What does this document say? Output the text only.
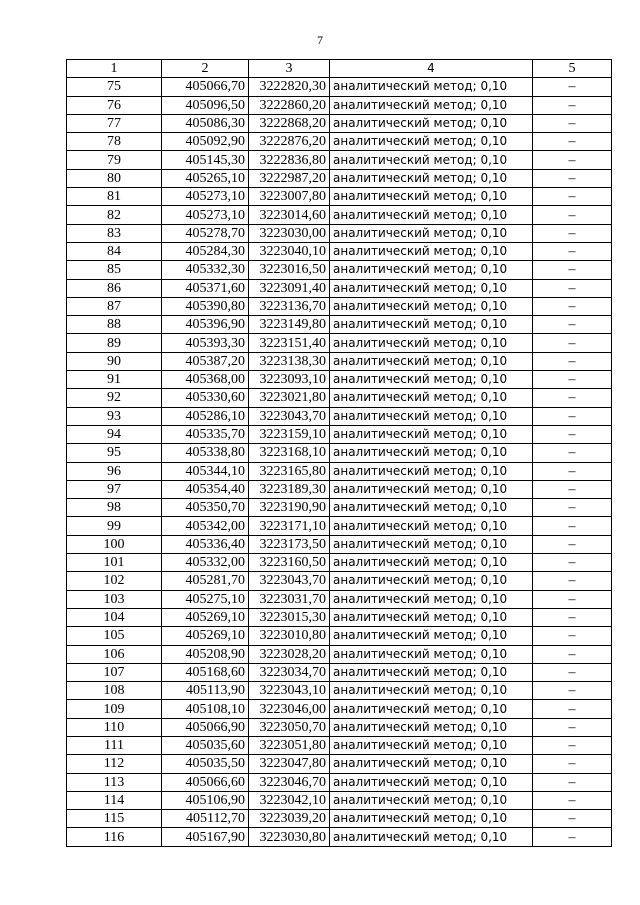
7
1	2	3	4	5
75	405066,70	3222820,30	аналитический метод; 0,10	–
76	405096,50	3222860,20	аналитический метод; 0,10	–
77	405086,30	3222868,20	аналитический метод; 0,10	–
78	405092,90	3222876,20	аналитический метод; 0,10	–
79	405145,30	3222836,80	аналитический метод; 0,10	–
80	405265,10	3222987,20	аналитический метод; 0,10	–
81	405273,10	3223007,80	аналитический метод; 0,10	–
82	405273,10	3223014,60	аналитический метод; 0,10	–
83	405278,70	3223030,00	аналитический метод; 0,10	–
84	405284,30	3223040,10	аналитический метод; 0,10	–
85	405332,30	3223016,50	аналитический метод; 0,10	–
86	405371,60	3223091,40	аналитический метод; 0,10	–
87	405390,80	3223136,70	аналитический метод; 0,10	–
88	405396,90	3223149,80	аналитический метод; 0,10	–
89	405393,30	3223151,40	аналитический метод; 0,10	–
90	405387,20	3223138,30	аналитический метод; 0,10	–
91	405368,00	3223093,10	аналитический метод; 0,10	–
92	405330,60	3223021,80	аналитический метод; 0,10	–
93	405286,10	3223043,70	аналитический метод; 0,10	–
94	405335,70	3223159,10	аналитический метод; 0,10	–
95	405338,80	3223168,10	аналитический метод; 0,10	–
96	405344,10	3223165,80	аналитический метод; 0,10	–
97	405354,40	3223189,30	аналитический метод; 0,10	–
98	405350,70	3223190,90	аналитический метод; 0,10	–
99	405342,00	3223171,10	аналитический метод; 0,10	–
100	405336,40	3223173,50	аналитический метод; 0,10	–
101	405332,00	3223160,50	аналитический метод; 0,10	–
102	405281,70	3223043,70	аналитический метод; 0,10	–
103	405275,10	3223031,70	аналитический метод; 0,10	–
104	405269,10	3223015,30	аналитический метод; 0,10	–
105	405269,10	3223010,80	аналитический метод; 0,10	–
106	405208,90	3223028,20	аналитический метод; 0,10	–
107	405168,60	3223034,70	аналитический метод; 0,10	–
108	405113,90	3223043,10	аналитический метод; 0,10	–
109	405108,10	3223046,00	аналитический метод; 0,10	–
110	405066,90	3223050,70	аналитический метод; 0,10	–
111	405035,60	3223051,80	аналитический метод; 0,10	–
112	405035,50	3223047,80	аналитический метод; 0,10	–
113	405066,60	3223046,70	аналитический метод; 0,10	–
114	405106,90	3223042,10	аналитический метод; 0,10	–
115	405112,70	3223039,20	аналитический метод; 0,10	–
116	405167,90	3223030,80	аналитический метод; 0,10	–
